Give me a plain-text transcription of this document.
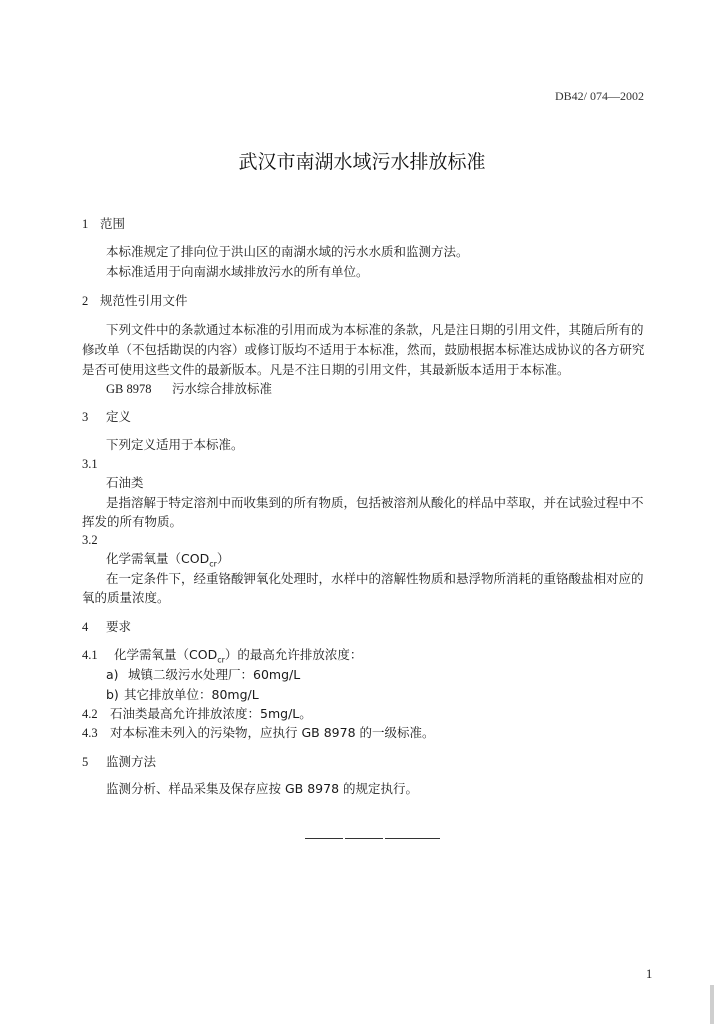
DB42/ 074—2002
武汉市南湖水域污水排放标准
1 范围
本标准规定了排向位于洪山区的南湖水域的污水水质和监测方法。
本标准适用于向南湖水域排放污水的所有单位。
2 规范性引用文件
下列文件中的条款通过本标准的引用而成为本标准的条款，凡是注日期的引用文件，其随后所有的
修改单（不包括勘误的内容）或修订版均不适用于本标准，然而，鼓励根据本标准达成协议的各方研究
是否可使用这些文件的最新版本。凡是不注日期的引用文件，其最新版本适用于本标准。
GB 8978 污水综合排放标准
3 定义
下列定义适用于本标准。
3.1
石油类
是指溶解于特定溶剂中而收集到的所有物质，包括被溶剂从酸化的样品中萃取，并在试验过程中不
挥发的所有物质。
3.2
化学需氧量$(COD_{cr})$
在一定条件下，经重铬酸钾氧化处理时，水样中的溶解性物质和悬浮物所消耗的重铬酸盐相对应的
氧的质量浓度。
4 要求
4.1 化学需氧量$(COD_{cr})$的最高允许排放浓度：
a) 城镇二级污水处理厂：60mg/L
b) 其它排放单位：80mg/L
4.2 石油类最高允许排放浓度：5mg/L。
4.3 对本标准未列入的污染物，应执行 GB 8978 的一级标准。
5 监测方法
监测分析、样品采集及保存应按 GB 8978 的规定执行。
1
